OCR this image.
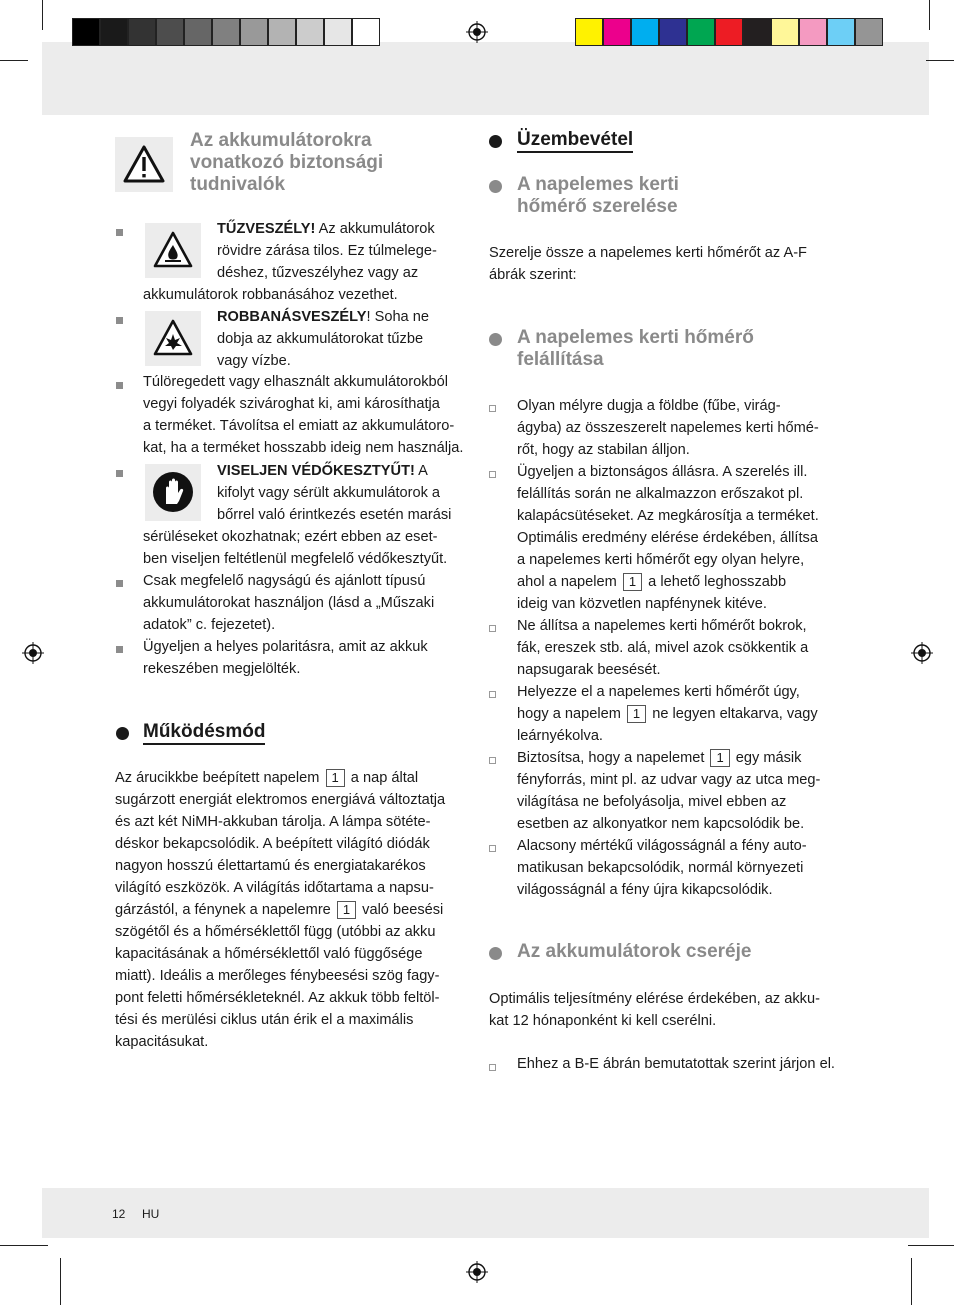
Az akkumulátorokra vonatkozó biztonsági tudnivalók
TŰZVESZÉLY! Az akkumulátorok
rövidre zárása tilos. Ez túlmelege-
déshez, tűzveszélyhez vagy az
akkumulátorok robbanásához vezethet.
ROBBANÁSVESZÉLY! Soha ne
dobja az akkumulátorokat tűzbe
vagy vízbe.
Túlöregedett vagy elhasznált akkumulátorokból
vegyi folyadék szivároghat ki, ami károsíthatja
a terméket. Távolítsa el emiatt az akkumulátoro-
kat, ha a terméket hosszabb ideig nem használja.
VISELJEN VÉDŐKESZTYŰT! A
kifolyt vagy sérült akkumulátorok a
bőrrel való érintkezés esetén marási
sérüléseket okozhatnak; ezért ebben az eset-
ben viseljen feltétlenül megfelelő védőkesztyűt.
Csak megfelelő nagyságú és ajánlott típusú
akkumulátorokat használjon (lásd a „Műszaki
adatok” c. fejezetet).
Ügyeljen a helyes polaritásra, amit az akkuk
rekeszében megjelölték.
Működésmód
Az árucikkbe beépített napelem 1 a nap által
sugárzott energiát elektromos energiává változtatja
és azt két NiMH-akkuban tárolja. A lámpa sötéte-
déskor bekapcsolódik. A beépített világító diódák
nagyon hosszú élettartamú és energiatakarékos
világító eszközök. A világítás időtartama a napsu-
gárzástól, a fénynek a napelemre 1 való beesési
szögétől és a hőmérséklettől függ (utóbbi az akku
kapacitásának a hőmérséklettől való függősége
miatt). Ideális a merőleges fénybeesési szög fagy-
pont feletti hőmérsékleteknél. Az akkuk több feltöl-
tési és merülési ciklus után érik el a maximális
kapacitásukat.
Üzembevétel
A napelemes kerti
hőmérő szerelése
Szerelje össze a napelemes kerti hőmérőt az A-F
ábrák szerint:
A napelemes kerti hőmérő
felállítása
Olyan mélyre dugja a földbe (fűbe, virág-
ágyba) az összeszerelt napelemes kerti hőmé-
rőt, hogy az stabilan álljon.
Ügyeljen a biztonságos állásra. A szerelés ill.
felállítás során ne alkalmazzon erőszakot pl.
kalapácsütéseket. Az megkárosítja a terméket.
Optimális eredmény elérése érdekében, állítsa
a napelemes kerti hőmérőt egy olyan helyre,
ahol a napelem 1 a lehető leghosszabb
ideig van közvetlen napfénynek kitéve.
Ne állítsa a napelemes kerti hőmérőt bokrok,
fák, ereszek stb. alá, mivel azok csökkentik a
napsugarak beesését.
Helyezze el a napelemes kerti hőmérőt úgy,
hogy a napelem 1 ne legyen eltakarva, vagy
leárnyékolva.
Biztosítsa, hogy a napelemet 1 egy másik
fényforrás, mint pl. az udvar vagy az utca meg-
világítása ne befolyásolja, mivel ebben az
esetben az alkonyatkor nem kapcsolódik be.
Alacsony mértékű világosságnál a fény auto-
matikusan bekapcsolódik, normál környezeti
világosságnál a fény újra kikapcsolódik.
Az akkumulátorok cseréje
Optimális teljesítmény elérése érdekében, az akku-
kat 12 hónaponként ki kell cserélni.
Ehhez a B-E ábrán bemutatottak szerint járjon el.
12 HU
